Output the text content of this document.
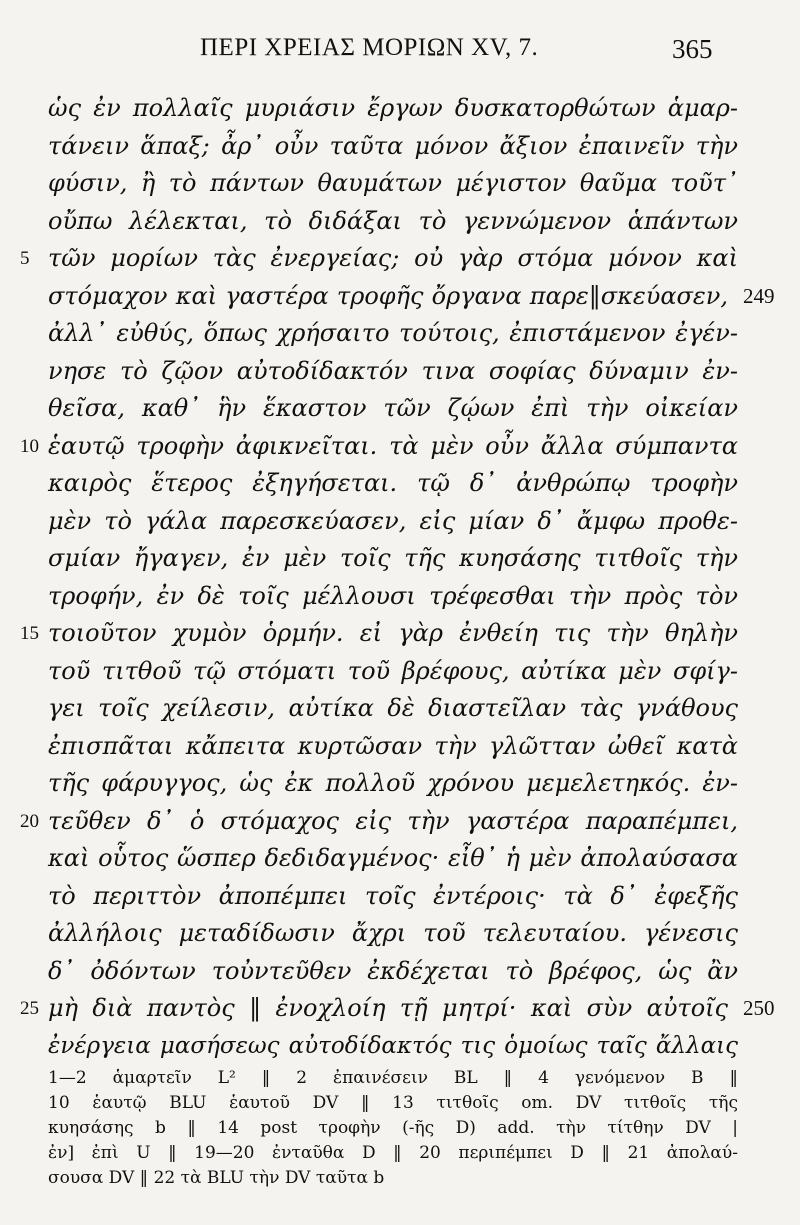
ΠΕΡΙ ΧΡΕΙΑΣ ΜΟΡΙΩΝ XV, 7.	365
ὡς ἐν πολλαῖς μυριάσιν ἔργων δυσκατορθώτων ἁμαρ-
τάνειν ἅπαξ; ἆρ᾽ οὖν ταῦτα μόνον ἄξιον ἐπαινεῖν τὴν
φύσιν, ἢ τὸ πάντων θαυμάτων μέγιστον θαῦμα τοῦτ᾽
οὔπω λέλεκται, τὸ διδάξαι τὸ γεννώμενον ἁπάντων
5 τῶν μορίων τὰς ἐνεργείας; οὐ γὰρ στόμα μόνον καὶ
στόμαχον καὶ γαστέρα τροφῆς ὄργανα παρε‖σκεύασεν, 249
ἀλλ᾽ εὐθύς, ὅπως χρήσαιτο τούτοις, ἐπιστάμενον ἐγέν-
νησε τὸ ζῷον αὐτοδίδακτόν τινα σοφίας δύναμιν ἐν-
θεῖσα, καθ᾽ ἣν ἕκαστον τῶν ζῴων ἐπὶ τὴν οἰκείαν
10 ἑαυτῷ τροφὴν ἀφικνεῖται. τὰ μὲν οὖν ἄλλα σύμπαντα
καιρὸς ἕτερος ἐξηγήσεται. τῷ δ᾽ ἀνθρώπῳ τροφὴν
μὲν τὸ γάλα παρεσκεύασεν, εἰς μίαν δ᾽ ἄμφω προθε-
σμίαν ἤγαγεν, ἐν μὲν τοῖς τῆς κυησάσης τιτθοῖς τὴν
τροφήν, ἐν δὲ τοῖς μέλλουσι τρέφεσθαι τὴν πρὸς τὸν
15 τοιοῦτον χυμὸν ὁρμήν. εἰ γὰρ ἐνθείη τις τὴν θηλὴν
τοῦ τιτθοῦ τῷ στόματι τοῦ βρέφους, αὐτίκα μὲν σφίγ-
γει τοῖς χείλεσιν, αὐτίκα δὲ διαστεῖλαν τὰς γνάθους
ἐπισπᾶται κἄπειτα κυρτῶσαν τὴν γλῶτταν ὠθεῖ κατὰ
τῆς φάρυγγος, ὡς ἐκ πολλοῦ χρόνου μεμελετηκός. ἐν-
20 τεῦθεν δ᾽ ὁ στόμαχος εἰς τὴν γαστέρα παραπέμπει,
καὶ οὗτος ὥσπερ δεδιδαγμένος· εἶθ᾽ ἡ μὲν ἀπολαύσασα
τὸ περιττὸν ἀποπέμπει τοῖς ἐντέροις· τὰ δ᾽ ἐφεξῆς
ἀλλήλοις μεταδίδωσιν ἄχρι τοῦ τελευταίου. γένεσις
δ᾽ ὀδόντων τοὐντεῦθεν ἐκδέχεται τὸ βρέφος, ὡς ἂν
25 μὴ διὰ παντὸς ‖ ἐνοχλοίη τῇ μητρί· καὶ σὺν αὐτοῖς 250
ἐνέργεια μασήσεως αὐτοδίδακτός τις ὁμοίως ταῖς ἄλλαις
1—2 ἁμαρτεῖν L² ‖ 2 ἐπαινέσειν BL ‖ 4 γενόμενον B ‖
10 ἑαυτῷ BLU ἑαυτοῦ DV ‖ 13 τιτθοῖς om. DV τιτθοῖς τῆς
κυησάσης b ‖ 14 post τροφὴν (-ῆς D) add. τὴν τίτθην DV |
ἐν] ἐπὶ U ‖ 19—20 ἐνταῦθα D ‖ 20 περιπέμπει D ‖ 21 ἀπολαύ-
σουσα DV ‖ 22 τὰ BLU τὴν DV ταῦτα b
